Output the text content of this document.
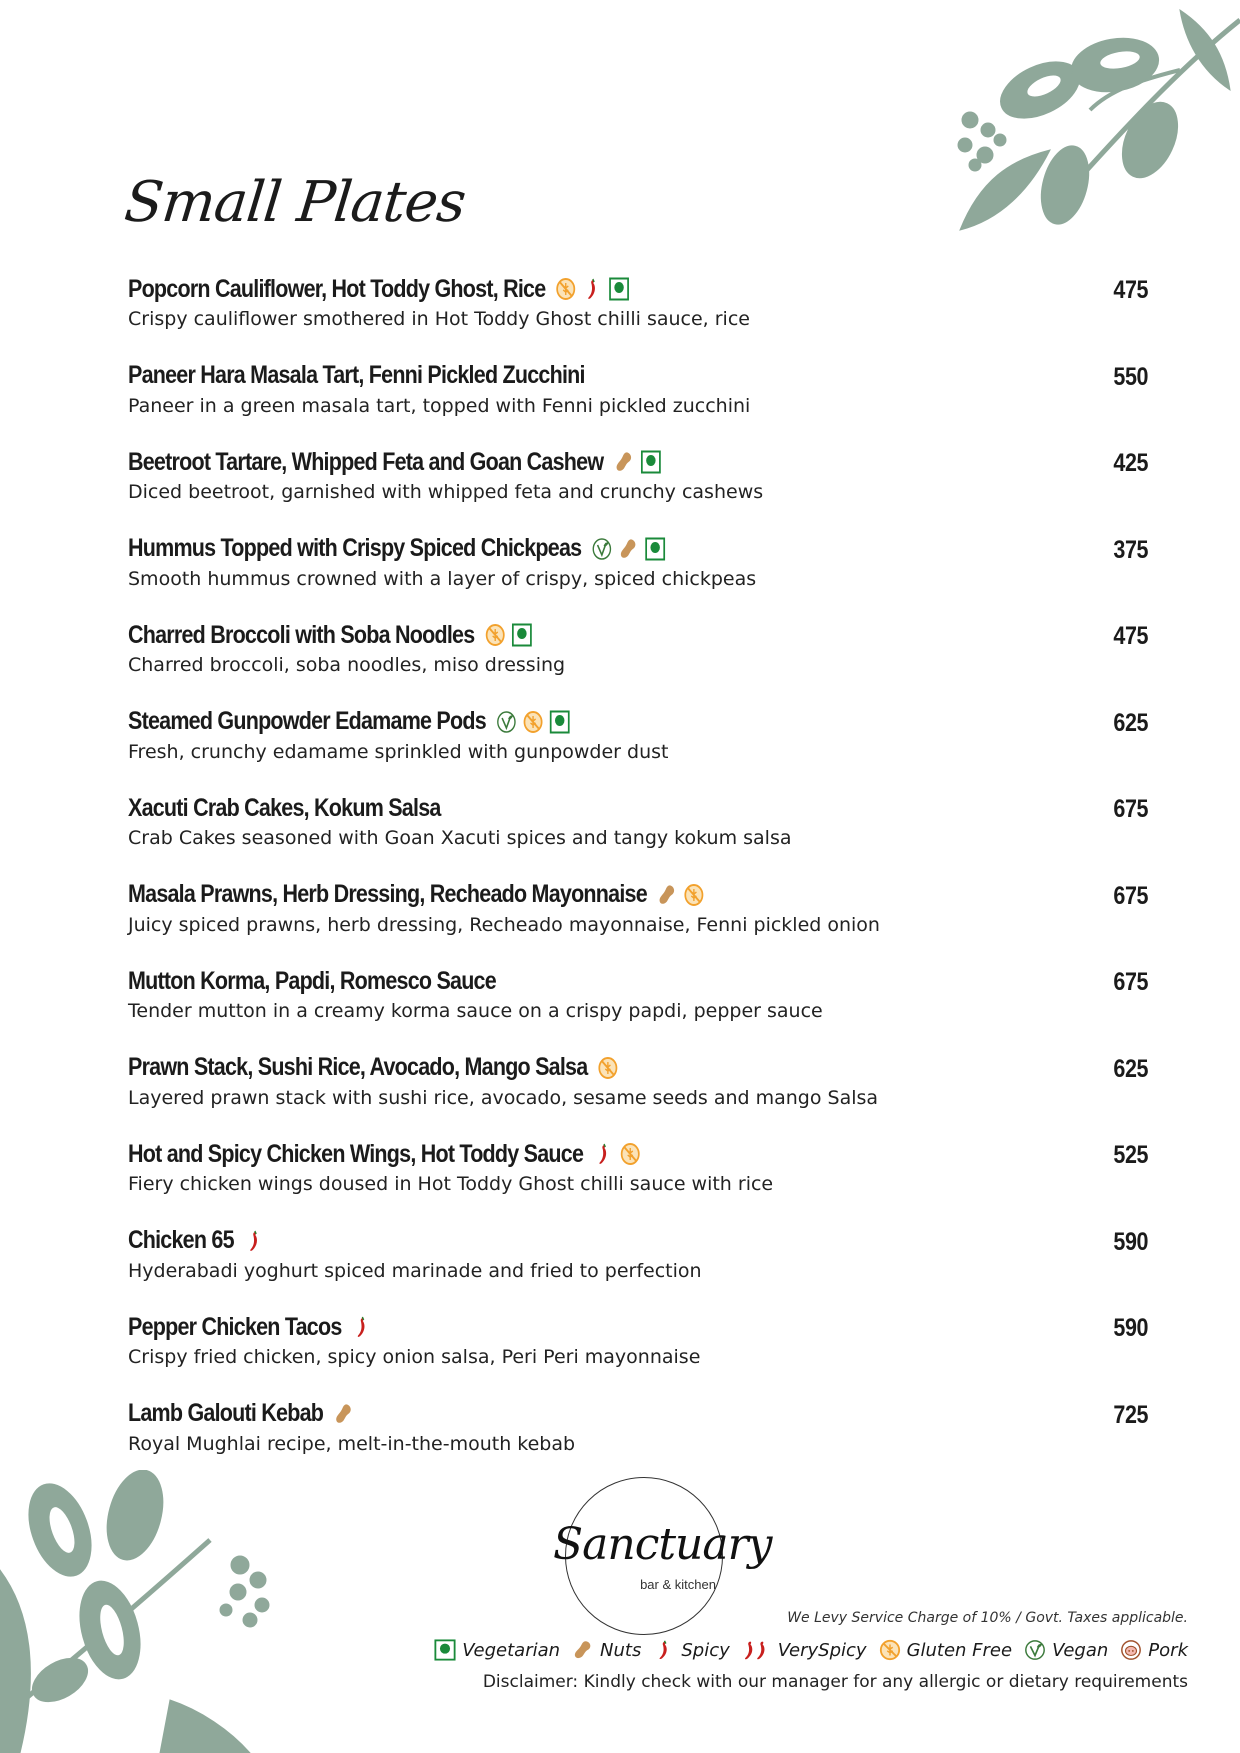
Small Plates
Popcorn Cauliflower, Hot Toddy Ghost, Rice	475
Crispy cauliflower smothered in Hot Toddy Ghost chilli sauce, rice
Paneer Hara Masala Tart, Fenni Pickled Zucchini	550
Paneer in a green masala tart, topped with Fenni pickled zucchini
Beetroot Tartare, Whipped Feta and Goan Cashew	425
Diced beetroot, garnished with whipped feta and crunchy cashews
Hummus Topped with Crispy Spiced Chickpeas	375
Smooth hummus crowned with a layer of crispy, spiced chickpeas
Charred Broccoli with Soba Noodles	475
Charred broccoli, soba noodles, miso dressing
Steamed Gunpowder Edamame Pods	625
Fresh, crunchy edamame sprinkled with gunpowder dust
Xacuti Crab Cakes, Kokum Salsa	675
Crab Cakes seasoned with Goan Xacuti spices and tangy kokum salsa
Masala Prawns, Herb Dressing, Recheado Mayonnaise	675
Juicy spiced prawns, herb dressing, Recheado mayonnaise, Fenni pickled onion
Mutton Korma, Papdi, Romesco Sauce	675
Tender mutton in a creamy korma sauce on a crispy papdi, pepper sauce
Prawn Stack, Sushi Rice, Avocado, Mango Salsa	625
Layered prawn stack with sushi rice, avocado, sesame seeds and mango Salsa
Hot and Spicy Chicken Wings, Hot Toddy Sauce	525
Fiery chicken wings doused in Hot Toddy Ghost chilli sauce with rice
Chicken 65	590
Hyderabadi yoghurt spiced marinade and fried to perfection
Pepper Chicken Tacos	590
Crispy fried chicken, spicy onion salsa, Peri Peri mayonnaise
Lamb Galouti Kebab	725
Royal Mughlai recipe, melt-in-the-mouth kebab
Sanctuary
bar & kitchen
We Levy Service Charge of 10% / Govt. Taxes applicable.
Vegetarian Nuts Spicy	VerySpicy Gluten Free Vegan Pork
Disclaimer: Kindly check with our manager for any allergic or dietary requirements
